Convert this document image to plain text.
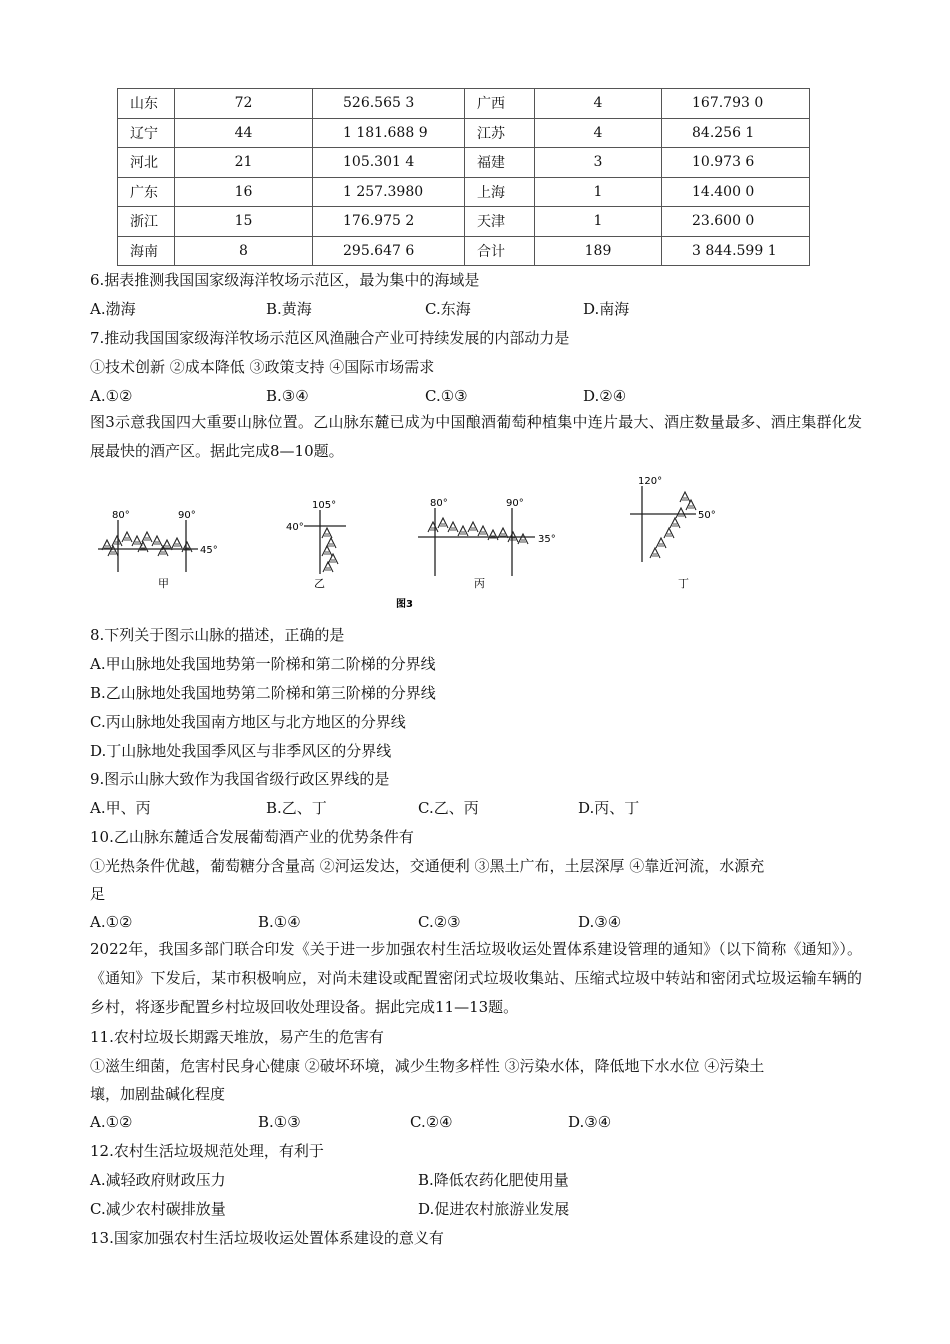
山东	72	526.565 3	广西	4	167.793 0
辽宁	44	1 181.688 9	江苏	4	84.256 1
河北	21	105.301 4	福建	3	10.973 6
广东	16	1 257.3980	上海	1	14.400 0
浙江	15	176.975 2	天津	1	23.600 0
海南	8	295.647 6	合计	189	3 844.599 1
6.据表推测我国国家级海洋牧场示范区，最为集中的海域是
A.渤海	B.黄海	C.东海	D.南海
7.推动我国国家级海洋牧场示范区风渔融合产业可持续发展的内部动力是
①技术创新 ②成本降低 ③政策支持 ④国际市场需求
A.①②	B.③④	C.①③	D.②④
图3示意我国四大重要山脉位置。乙山脉东麓已成为中国酿酒葡萄种植集中连片最大、酒庄数量最多、酒庄集群化发展最快的酒产区。据此完成8—10题。
80°	90°
45°
甲
105°
40°
乙
80°	90°
35°
丙
120°
50°
丁
图3
8.下列关于图示山脉的描述，正确的是
A.甲山脉地处我国地势第一阶梯和第二阶梯的分界线
B.乙山脉地处我国地势第二阶梯和第三阶梯的分界线
C.丙山脉地处我国南方地区与北方地区的分界线
D.丁山脉地处我国季风区与非季风区的分界线
9.图示山脉大致作为我国省级行政区界线的是
A.甲、丙	B.乙、丁	C.乙、丙	D.丙、丁
10.乙山脉东麓适合发展葡萄酒产业的优势条件有
①光热条件优越，葡萄糖分含量高 ②河运发达，交通便利 ③黑土广布，土层深厚 ④靠近河流，水源充
足
A.①②	B.①④	C.②③	D.③④
2022年，我国多部门联合印发《关于进一步加强农村生活垃圾收运处置体系建设管理的通知》（以下简称《通知》）。《通知》下发后，某市积极响应，对尚未建设或配置密闭式垃圾收集站、压缩式垃圾中转站和密闭式垃圾运输车辆的乡村，将逐步配置乡村垃圾回收处理设备。据此完成11—13题。
11.农村垃圾长期露天堆放，易产生的危害有
①滋生细菌，危害村民身心健康 ②破坏环境，减少生物多样性 ③污染水体，降低地下水水位 ④污染土
壤，加剧盐碱化程度
A.①②	B.①③	C.②④	D.③④
12.农村生活垃圾规范处理，有利于
A.减轻政府财政压力	B.降低农药化肥使用量
C.减少农村碳排放量	D.促进农村旅游业发展
13.国家加强农村生活垃圾收运处置体系建设的意义有
